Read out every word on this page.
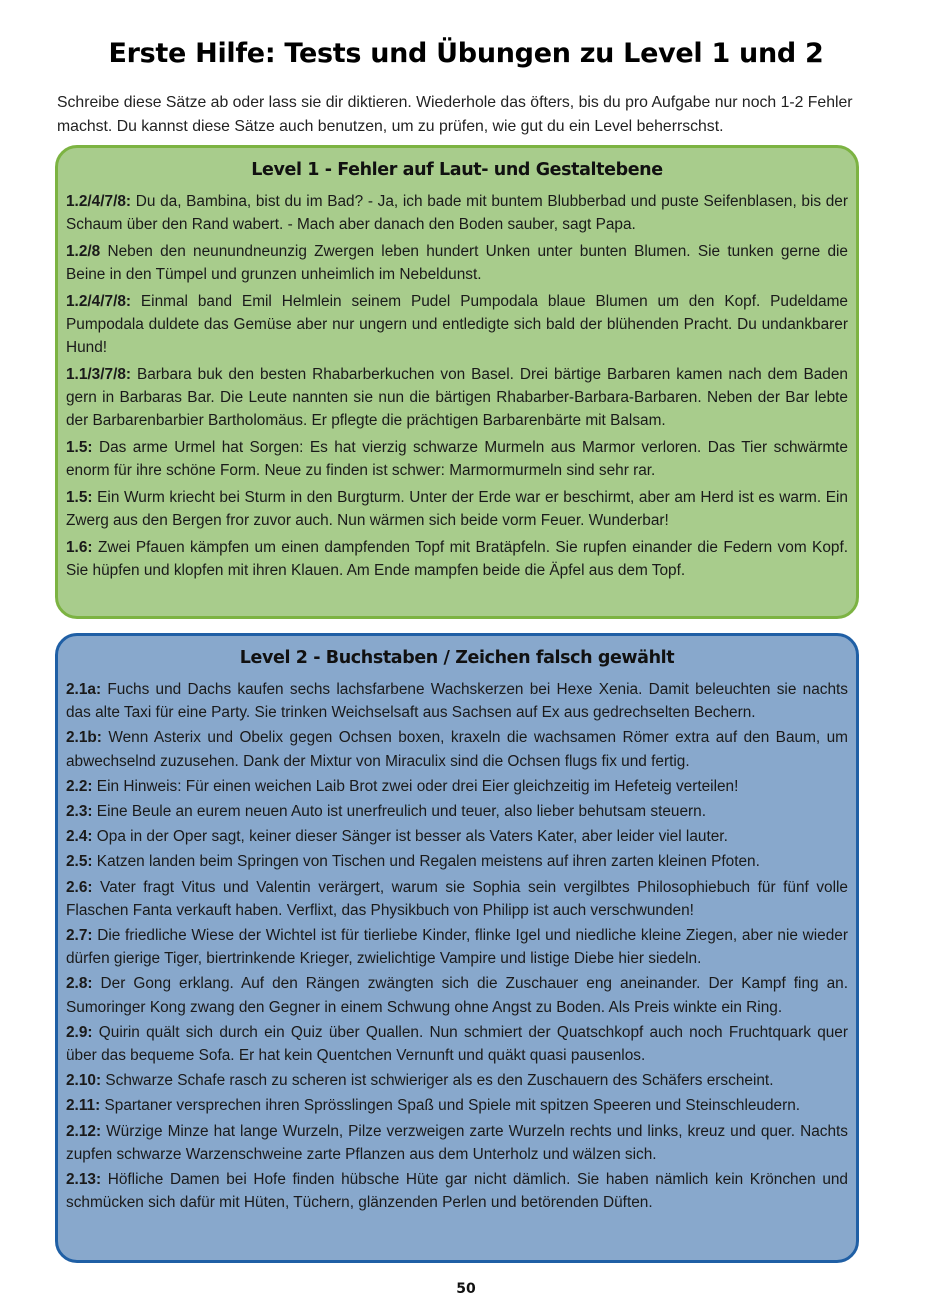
Erste Hilfe: Tests und Übungen zu Level 1 und 2
Schreibe diese Sätze ab oder lass sie dir diktieren. Wiederhole das öfters, bis du pro Aufgabe nur noch 1-2 Fehler machst. Du kannst diese Sätze auch benutzen, um zu prüfen, wie gut du ein Level beherrschst.
Level 1 - Fehler auf Laut- und Gestaltebene

1.2/4/7/8: Du da, Bambina, bist du im Bad? - Ja, ich bade mit buntem Blubberbad und puste Seifenblasen, bis der Schaum über den Rand wabert. - Mach aber danach den Boden sauber, sagt Papa.

1.2/8 Neben den neunundneunzig Zwergen leben hundert Unken unter bunten Blumen. Sie tunken gerne die Beine in den Tümpel und grunzen unheimlich im Nebeldunst.

1.2/4/7/8: Einmal band Emil Helmlein seinem Pudel Pumpodala blaue Blumen um den Kopf. Pudeldame Pumpodala duldete das Gemüse aber nur ungern und entledigte sich bald der blühenden Pracht. Du undankbarer Hund!

1.1/3/7/8: Barbara buk den besten Rhabarberkuchen von Basel. Drei bärtige Barbaren kamen nach dem Baden gern in Barbaras Bar. Die Leute nannten sie nun die bärtigen Rhabarber-Barbara-Barbaren. Neben der Bar lebte der Barbarenbarbier Bartholomäus. Er pflegte die prächtigen Barbarenbärte mit Balsam.

1.5: Das arme Urmel hat Sorgen: Es hat vierzig schwarze Murmeln aus Marmor verloren. Das Tier schwärmte enorm für ihre schöne Form. Neue zu finden ist schwer: Marmormurmeln sind sehr rar.

1.5: Ein Wurm kriecht bei Sturm in den Burgturm. Unter der Erde war er beschirmt, aber am Herd ist es warm. Ein Zwerg aus den Bergen fror zuvor auch. Nun wärmen sich beide vorm Feuer. Wunderbar!

1.6: Zwei Pfauen kämpfen um einen dampfenden Topf mit Bratäpfeln. Sie rupfen einander die Federn vom Kopf. Sie hüpfen und klopfen mit ihren Klauen. Am Ende mampfen beide die Äpfel aus dem Topf.

Level 2 - Buchstaben / Zeichen falsch gewählt

2.1a: Fuchs und Dachs kaufen sechs lachsfarbene Wachskerzen bei Hexe Xenia. Damit beleuchten sie nachts das alte Taxi für eine Party. Sie trinken Weichselsaft aus Sachsen auf Ex aus gedrechselten Bechern.

2.1b: Wenn Asterix und Obelix gegen Ochsen boxen, kraxeln die wachsamen Römer extra auf den Baum, um abwechselnd zuzusehen. Dank der Mixtur von Miraculix sind die Ochsen flugs fix und fertig.

2.2: Ein Hinweis: Für einen weichen Laib Brot zwei oder drei Eier gleichzeitig im Hefeteig verteilen!

2.3: Eine Beule an eurem neuen Auto ist unerfreulich und teuer, also lieber behutsam steuern.

2.4: Opa in der Oper sagt, keiner dieser Sänger ist besser als Vaters Kater, aber leider viel lauter.

2.5: Katzen landen beim Springen von Tischen und Regalen meistens auf ihren zarten kleinen Pfoten.

2.6: Vater fragt Vitus und Valentin verärgert, warum sie Sophia sein vergilbtes Philosophiebuch für fünf volle Flaschen Fanta verkauft haben. Verflixt, das Physikbuch von Philipp ist auch verschwunden!

2.7: Die friedliche Wiese der Wichtel ist für tierliebe Kinder, flinke Igel und niedliche kleine Ziegen, aber nie wieder dürfen gierige Tiger, biertrinkende Krieger, zwielichtige Vampire und listige Diebe hier siedeln.

2.8: Der Gong erklang. Auf den Rängen zwängten sich die Zuschauer eng aneinander. Der Kampf fing an. Sumoringer Kong zwang den Gegner in einem Schwung ohne Angst zu Boden. Als Preis winkte ein Ring.

2.9: Quirin quält sich durch ein Quiz über Quallen. Nun schmiert der Quatschkopf auch noch Fruchtquark quer über das bequeme Sofa. Er hat kein Quentchen Vernunft und quäkt quasi pausenlos.

2.10: Schwarze Schafe rasch zu scheren ist schwieriger als es den Zuschauern des Schäfers erscheint.

2.11: Spartaner versprechen ihren Sprösslingen Spaß und Spiele mit spitzen Speeren und Steinschleudern.

2.12: Würzige Minze hat lange Wurzeln, Pilze verzweigen zarte Wurzeln rechts und links, kreuz und quer. Nachts zupfen schwarze Warzenschweine zarte Pflanzen aus dem Unterholz und wälzen sich.

2.13: Höfliche Damen bei Hofe finden hübsche Hüte gar nicht dämlich. Sie haben nämlich kein Krönchen und schmücken sich dafür mit Hüten, Tüchern, glänzenden Perlen und betörenden Düften.

50
